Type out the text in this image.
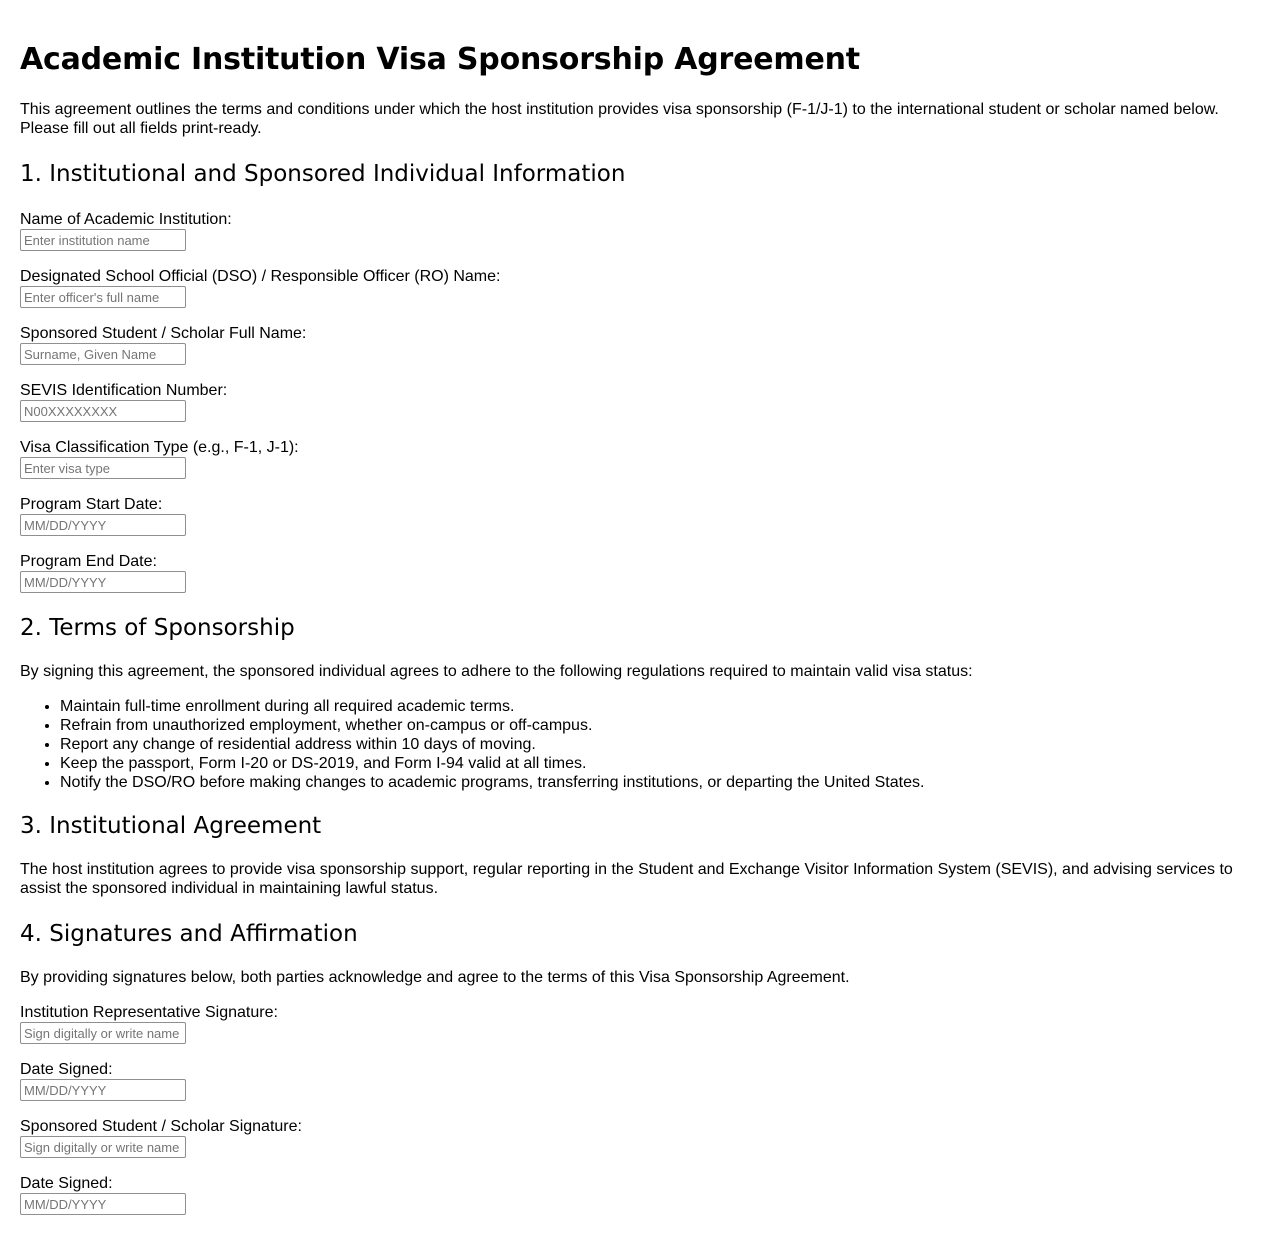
Academic Institution Visa Sponsorship Agreement

This agreement outlines the terms and conditions under which the host institution provides visa sponsorship (F-1/J-1) to the international student or scholar named below. Please fill out all fields print-ready.

1. Institutional and Sponsored Individual Information
Name of Academic Institution:
Enter institution name
Designated School Official (DSO) / Responsible Officer (RO) Name:
Enter officer's full name
Sponsored Student / Scholar Full Name:
Surname, Given Name
SEVIS Identification Number:
N00XXXXXXXX
Visa Classification Type (e.g., F-1, J-1):
Enter visa type
Program Start Date:
MM/DD/YYYY
Program End Date:
MM/DD/YYYY
2. Terms of Sponsorship

By signing this agreement, the sponsored individual agrees to adhere to the following regulations required to maintain valid visa status:

• Maintain full-time enrollment during all required academic terms.
• Refrain from unauthorized employment, whether on-campus or off-campus.
• Report any change of residential address within 10 days of moving.
• Keep the passport, Form I-20 or DS-2019, and Form I-94 valid at all times.
• Notify the DSO/RO before making changes to academic programs, transferring institutions, or departing the United States.
3. Institutional Agreement

The host institution agrees to provide visa sponsorship support, regular reporting in the Student and Exchange Visitor Information System (SEVIS), and advising services to assist the sponsored individual in maintaining lawful status.

4. Signatures and Affirmation

By providing signatures below, both parties acknowledge and agree to the terms of this Visa Sponsorship Agreement.

Institution Representative Signature:
Sign digitally or write name
Date Signed:
MM/DD/YYYY
Sponsored Student / Scholar Signature:
Sign digitally or write name
Date Signed:
MM/DD/YYYY
